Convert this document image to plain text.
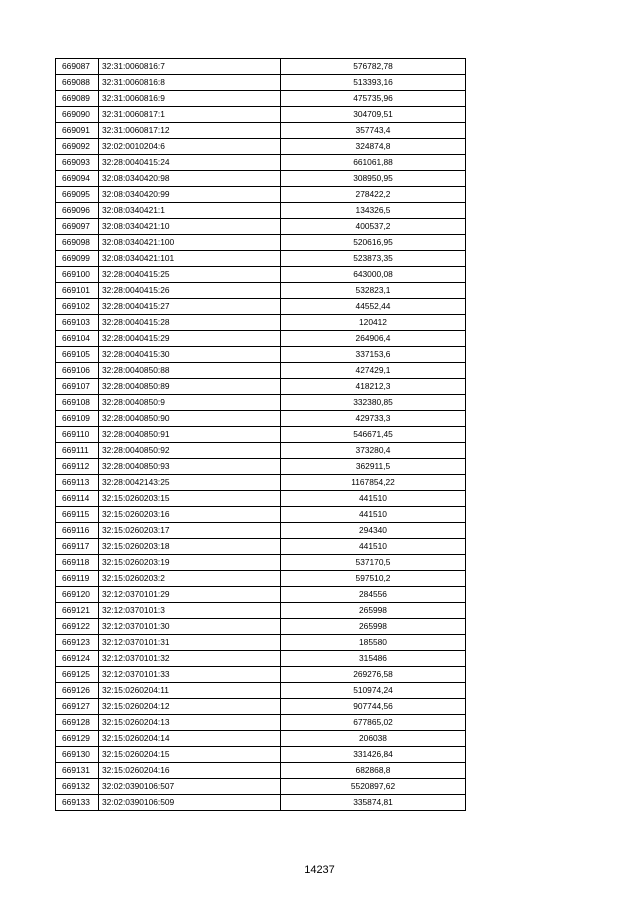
669087	32:31:0060816:7	576782,78
669088	32:31:0060816:8	513393,16
669089	32:31:0060816:9	475735,96
669090	32:31:0060817:1	304709,51
669091	32:31:0060817:12	357743,4
669092	32:02:0010204:6	324874,8
669093	32:28:0040415:24	661061,88
669094	32:08:0340420:98	308950,95
669095	32:08:0340420:99	278422,2
669096	32:08:0340421:1	134326,5
669097	32:08:0340421:10	400537,2
669098	32:08:0340421:100	520616,95
669099	32:08:0340421:101	523873,35
669100	32:28:0040415:25	643000,08
669101	32:28:0040415:26	532823,1
669102	32:28:0040415:27	44552,44
669103	32:28:0040415:28	120412
669104	32:28:0040415:29	264906,4
669105	32:28:0040415:30	337153,6
669106	32:28:0040850:88	427429,1
669107	32:28:0040850:89	418212,3
669108	32:28:0040850:9	332380,85
669109	32:28:0040850:90	429733,3
669110	32:28:0040850:91	546671,45
669111	32:28:0040850:92	373280,4
669112	32:28:0040850:93	362911,5
669113	32:28:0042143:25	1167854,22
669114	32:15:0260203:15	441510
669115	32:15:0260203:16	441510
669116	32:15:0260203:17	294340
669117	32:15:0260203:18	441510
669118	32:15:0260203:19	537170,5
669119	32:15:0260203:2	597510,2
669120	32:12:0370101:29	284556
669121	32:12:0370101:3	265998
669122	32:12:0370101:30	265998
669123	32:12:0370101:31	185580
669124	32:12:0370101:32	315486
669125	32:12:0370101:33	269276,58
669126	32:15:0260204:11	510974,24
669127	32:15:0260204:12	907744,56
669128	32:15:0260204:13	677865,02
669129	32:15:0260204:14	206038
669130	32:15:0260204:15	331426,84
669131	32:15:0260204:16	682868,8
669132	32:02:0390106:507	5520897,62
669133	32:02:0390106:509	335874,81
14237
